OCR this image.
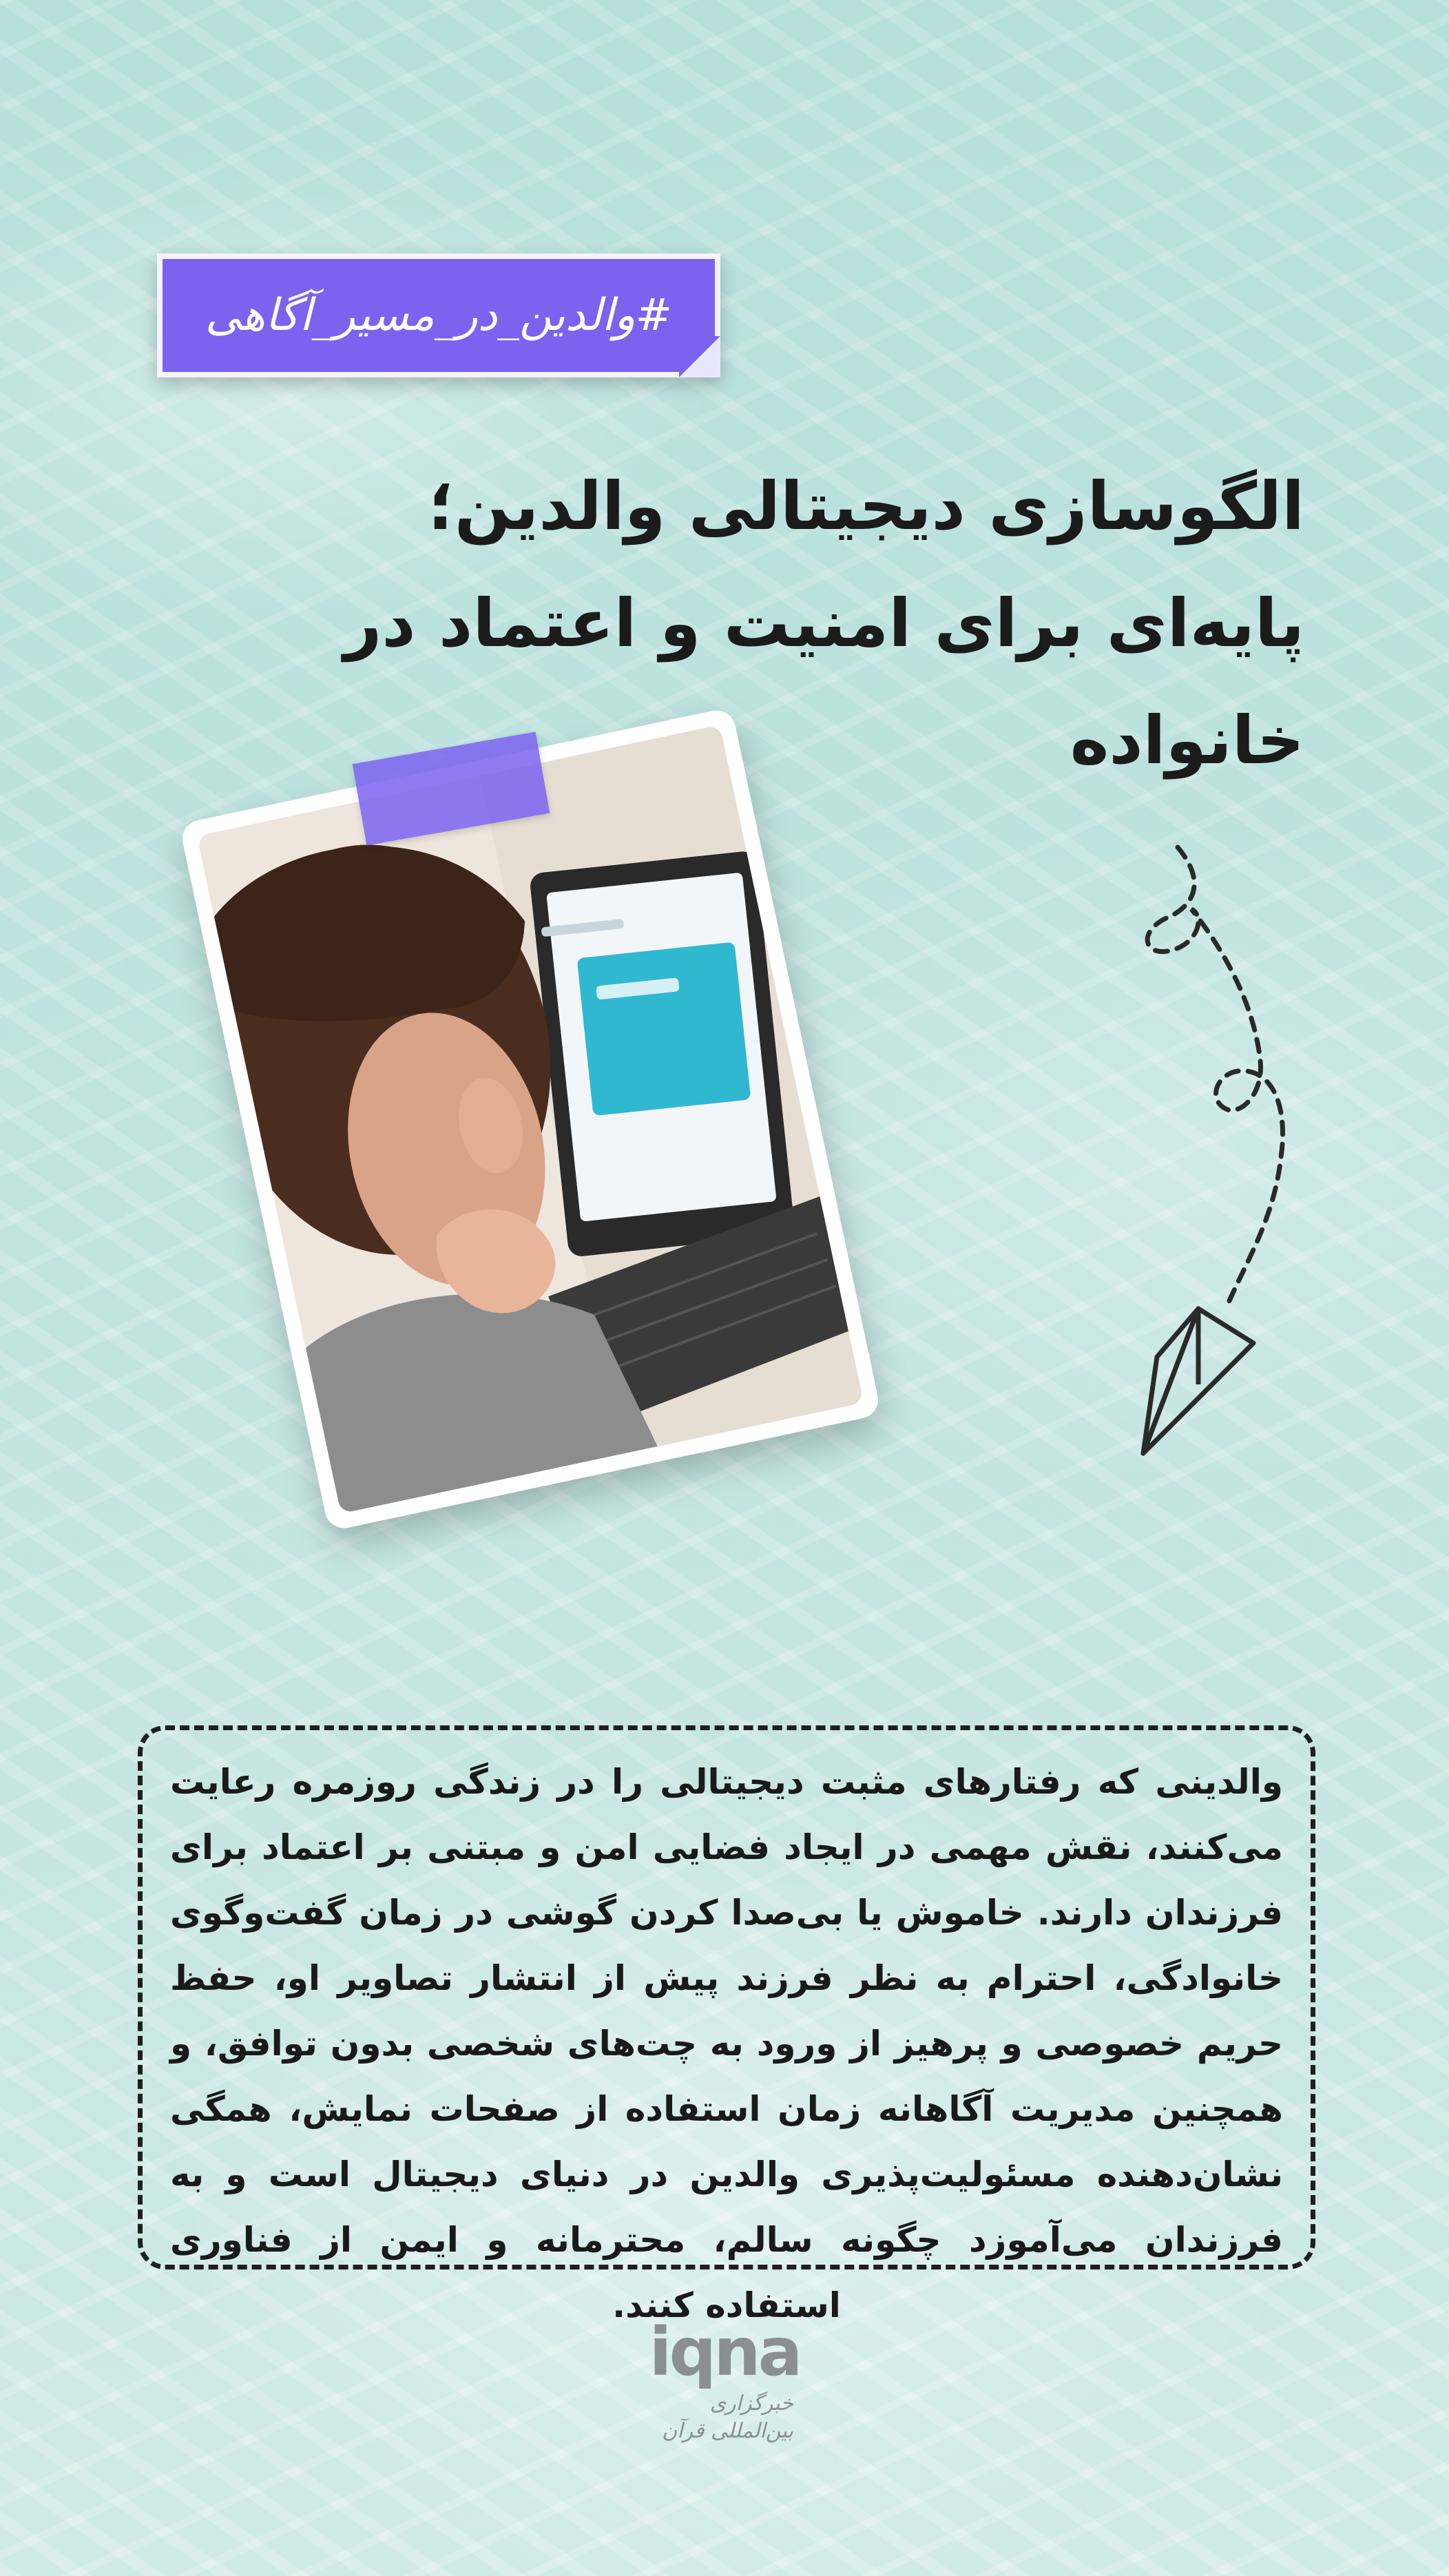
#والدین_در_مسیر_آگاهی
الگوسازی دیجیتالی والدین؛
پایه‌ای برای امنیت و اعتماد در خانواده
والدینی که رفتارهای مثبت دیجیتالی را در زندگی روزمره رعایت می‌کنند، نقش مهمی در ایجاد فضایی امن و مبتنی بر اعتماد برای فرزندان دارند. خاموش یا بی‌صدا کردن گوشی در زمان گفت‌وگوی خانوادگی، احترام به نظر فرزند پیش از انتشار تصاویر او، حفظ حریم خصوصی و پرهیز از ورود به چت‌های شخصی بدون توافق، و همچنین مدیریت آگاهانه زمان استفاده از صفحات نمایش، همگی نشان‌دهنده مسئولیت‌پذیری والدین در دنیای دیجیتال است و به فرزندان می‌آموزد چگونه سالم، محترمانه و ایمن از فناوری استفاده کنند.
iqna
خبرگزاری بین‌المللی قرآن
